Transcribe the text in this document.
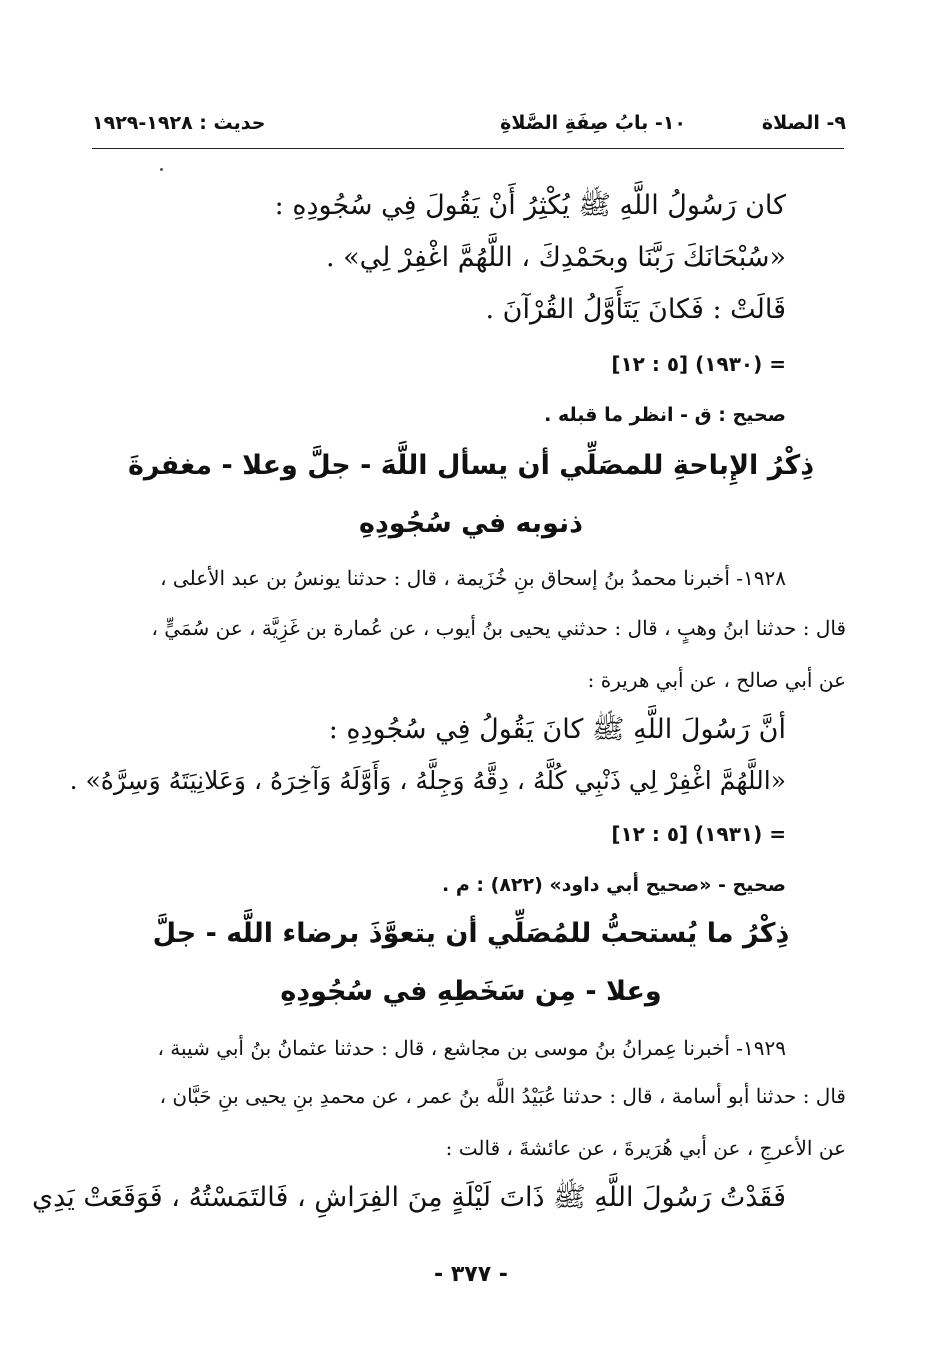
٩- الصلاة
١٠- بابُ صِفَةِ الصَّلاةِ
حديث : ١٩٢٨-١٩٢٩
كان رَسُولُ اللَّهِ ﷺ يُكْثِرُ أَنْ يَقُولَ فِي سُجُودِهِ :
«سُبْحَانَكَ رَبَّنَا وبحَمْدِكَ ، اللَّهُمَّ اغْفِرْ لِي» .
قَالَتْ : فَكانَ يَتَأَوَّلُ القُرْآنَ .
= (١٩٣٠) [٥ : ١٢]
صحيح : ق - انظر ما قبله .
ذِكْرُ الإِباحةِ للمصَلِّي أن يسأل اللَّهَ - جلَّ وعلا - مغفرةَ
ذنوبه في سُجُودِهِ
١٩٢٨- أخبرنا محمدُ بنُ إسحاق بنِ خُزَيمة ، قال : حدثنا يونسُ بن عبد الأعلى ،
قال : حدثنا ابنُ وهبٍ ، قال : حدثني يحيى بنُ أيوب ، عن عُمارة بن غَزِيَّة ، عن سُمَيٍّ ،
عن أبي صالح ، عن أبي هريرة :
أنَّ رَسُولَ اللَّهِ ﷺ كانَ يَقُولُ فِي سُجُودِهِ :
«اللَّهُمَّ اغْفِرْ لِي ذَنْبِي كُلَّهُ ، دِقَّهُ وَجِلَّهُ ، وَأَوَّلَهُ وَآخِرَهُ ، وَعَلانِيَتَهُ وَسِرَّهُ» .
= (١٩٣١) [٥ : ١٢]
صحيح - «صحيح أبي داود» (٨٢٢) : م .
ذِكْرُ ما يُستحبُّ للمُصَلِّي أن يتعوَّذَ برضاء اللَّه - جلَّ
وعلا - مِن سَخَطِهِ في سُجُودِهِ
١٩٢٩- أخبرنا عِمرانُ بنُ موسى بن مجاشع ، قال : حدثنا عثمانُ بنُ أبي شيبة ،
قال : حدثنا أبو أسامة ، قال : حدثنا عُبَيْدُ اللَّه بنُ عمر ، عن محمدِ بنِ يحيى بنِ حَبَّان ،
عن الأعرجِ ، عن أبي هُرَيرةَ ، عن عائشةَ ، قالت :
فَقَدْتُ رَسُولَ اللَّهِ ﷺ ذَاتَ لَيْلَةٍ مِنَ الفِرَاشِ ، فَالتَمَسْتُهُ ، فَوَقَعَتْ يَدِي
- ٣٧٧ -
